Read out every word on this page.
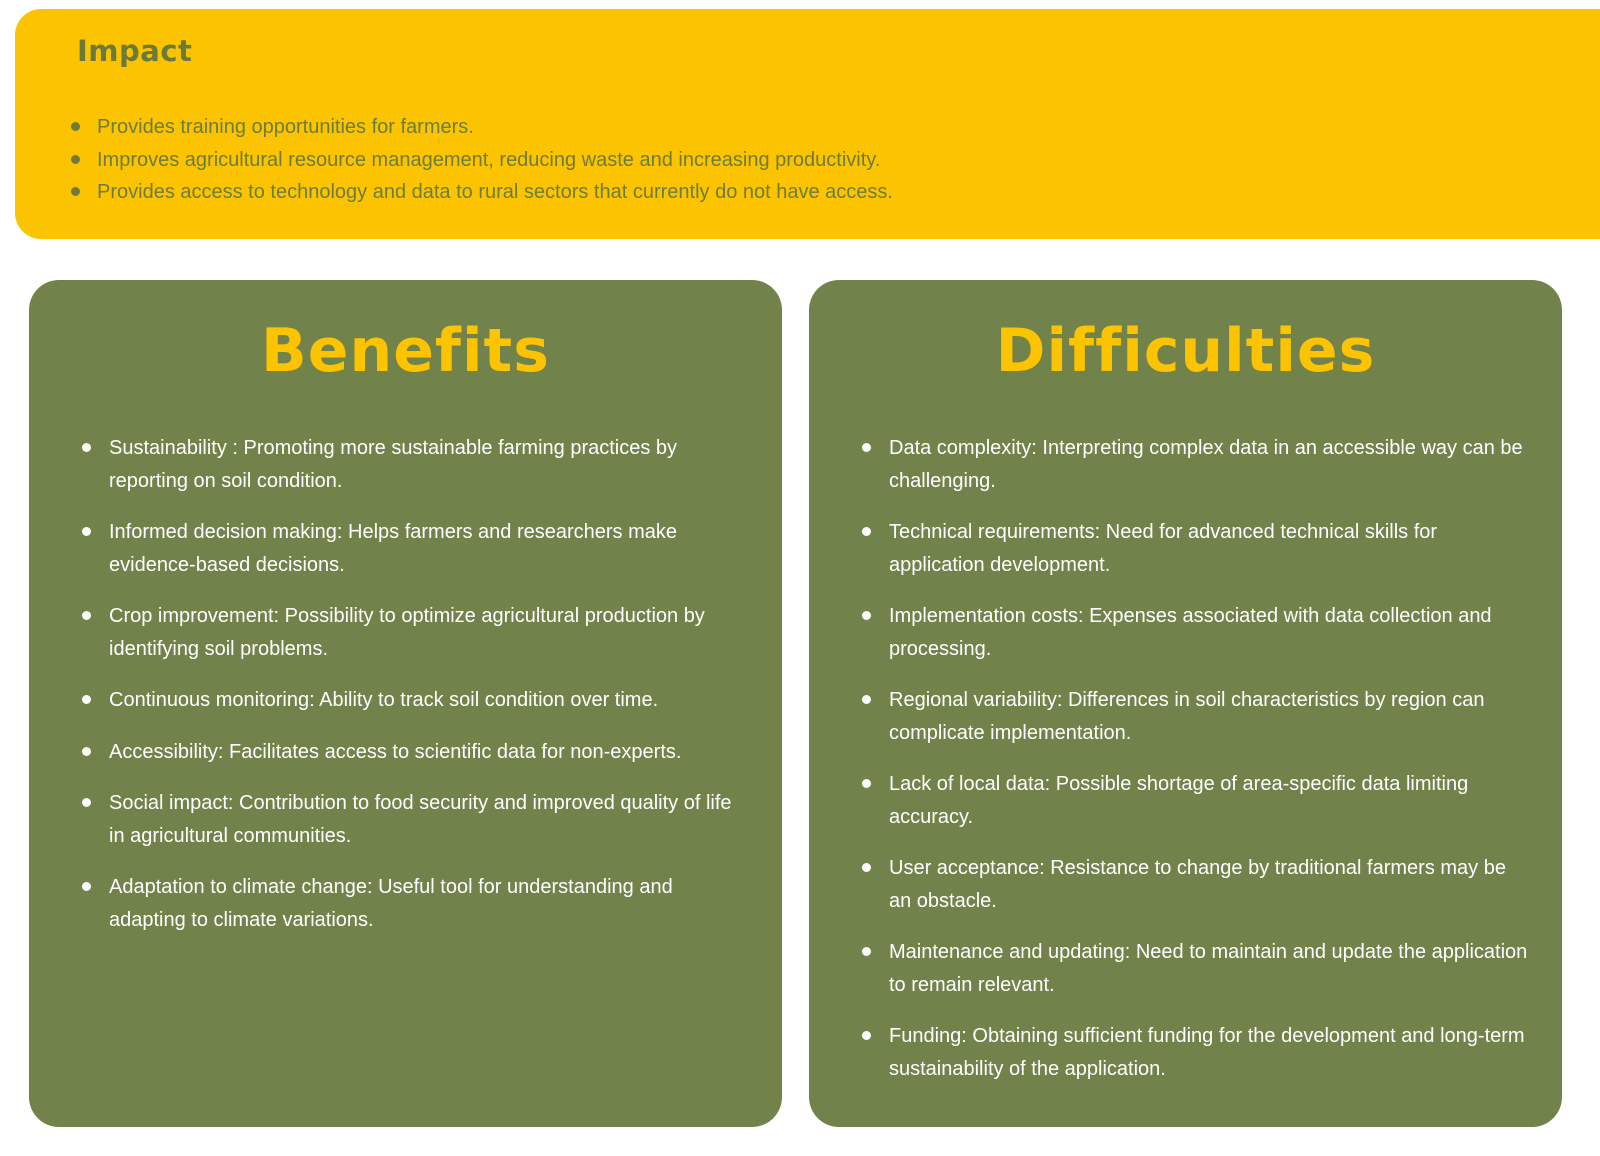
Impact
Provides training opportunities for farmers.
Improves agricultural resource management, reducing waste and increasing productivity.
Provides access to technology and data to rural sectors that currently do not have access.
Benefits
Sustainability : Promoting more sustainable farming practices by reporting on soil condition.
Informed decision making: Helps farmers and researchers make evidence-based decisions.
Crop improvement: Possibility to optimize agricultural production by identifying soil problems.
Continuous monitoring: Ability to track soil condition over time.
Accessibility: Facilitates access to scientific data for non-experts.
Social impact: Contribution to food security and improved quality of life in agricultural communities.
Adaptation to climate change: Useful tool for understanding and adapting to climate variations.
Difficulties
Data complexity: Interpreting complex data in an accessible way can be challenging.
Technical requirements: Need for advanced technical skills for application development.
Implementation costs: Expenses associated with data collection and processing.
Regional variability: Differences in soil characteristics by region can complicate implementation.
Lack of local data: Possible shortage of area-specific data limiting accuracy.
User acceptance: Resistance to change by traditional farmers may be an obstacle.
Maintenance and updating: Need to maintain and update the application to remain relevant.
Funding: Obtaining sufficient funding for the development and long-term sustainability of the application.
